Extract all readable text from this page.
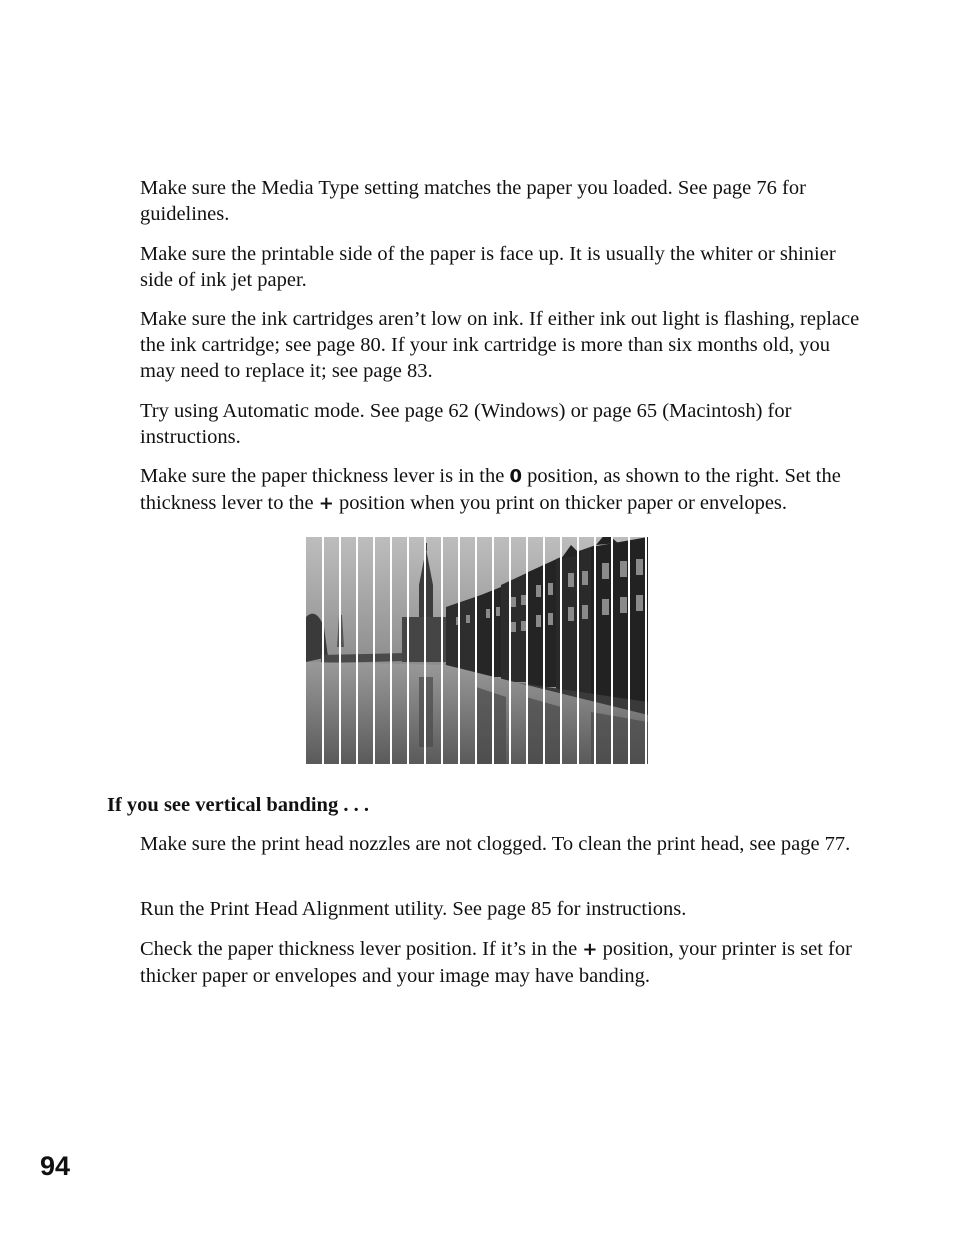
Make sure the Media Type setting matches the paper you loaded. See page 76 for guidelines.

Make sure the printable side of the paper is face up. It is usually the whiter or shinier side of ink jet paper.

Make sure the ink cartridges aren’t low on ink. If either ink out light is flashing, replace the ink cartridge; see page 80. If your ink cartridge is more than six months old, you may need to replace it; see page 83.

Try using Automatic mode. See page 62 (Windows) or page 65 (Macintosh) for instructions.

Make sure the paper thickness lever is in the 0 position, as shown to the right. Set the thickness lever to the + position when you print on thicker paper or envelopes.

If you see vertical banding . . .

Make sure the print head nozzles are not clogged. To clean the print head, see page 77.

Run the Print Head Alignment utility. See page 85 for instructions.

Check the paper thickness lever position. If it’s in the + position, your printer is set for thicker paper or envelopes and your image may have banding.

94
